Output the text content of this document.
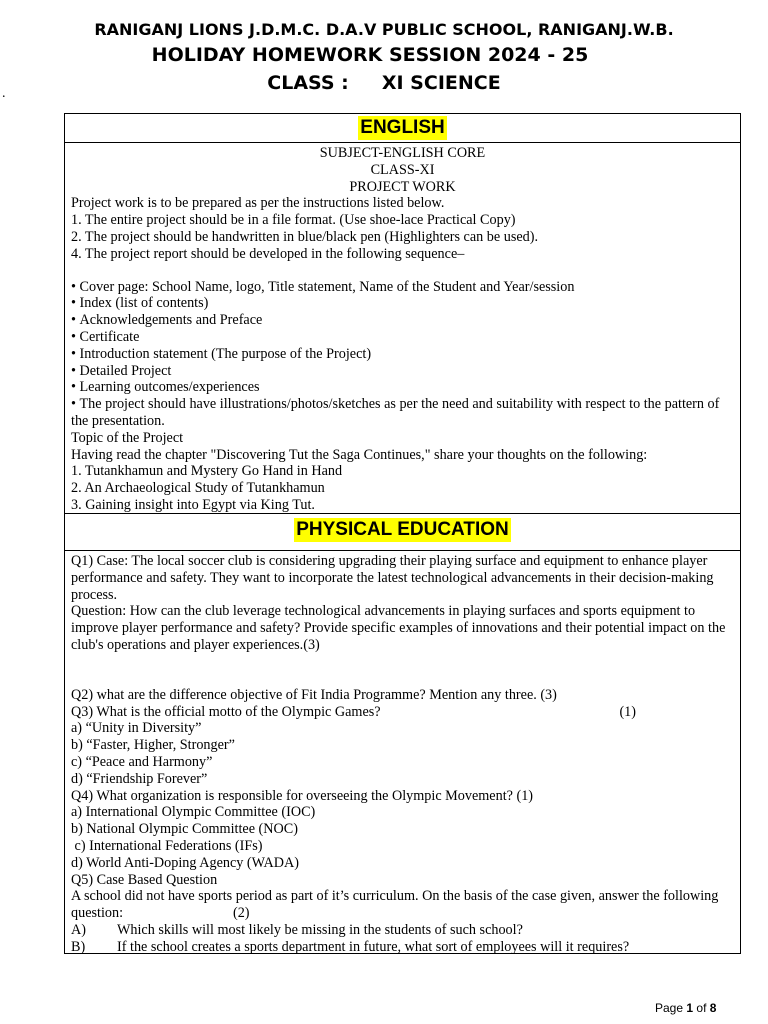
RANIGANJ LIONS J.D.M.C. D.A.V PUBLIC SCHOOL, RANIGANJ.W.B.
HOLIDAY HOMEWORK SESSION 2024 - 25
CLASS :     XI SCIENCE
.
ENGLISH

SUBJECT-ENGLISH CORE
CLASS-XI
PROJECT WORK
Project work is to be prepared as per the instructions listed below.
1. The entire project should be in a file format. (Use shoe-lace Practical Copy)
2. The project should be handwritten in blue/black pen (Highlighters can be used).
4. The project report should be developed in the following sequence–
• Cover page: School Name, logo, Title statement, Name of the Student and Year/session
• Index (list of contents)
• Acknowledgements and Preface
• Certificate
• Introduction statement (The purpose of the Project)
• Detailed Project
• Learning outcomes/experiences
• The project should have illustrations/photos/sketches as per the need and suitability with respect to the pattern of the presentation.
Topic of the Project
Having read the chapter "Discovering Tut the Saga Continues," share your thoughts on the following:
1. Tutankhamun and Mystery Go Hand in Hand
2. An Archaeological Study of Tutankhamun
3. Gaining insight into Egypt via King Tut.

PHYSICAL EDUCATION

Q1) Case: The local soccer club is considering upgrading their playing surface and equipment to enhance player performance and safety. They want to incorporate the latest technological advancements in their decision-making process.
Question: How can the club leverage technological advancements in playing surfaces and sports equipment to improve player performance and safety? Provide specific examples of innovations and their potential impact on the club's operations and player experiences.(3)
Q2) what are the difference objective of Fit India Programme? Mention any three. (3)
Q3) What is the official motto of the Olympic Games?	(1)
a) “Unity in Diversity”
b) “Faster, Higher, Stronger”
c) “Peace and Harmony”
d) “Friendship Forever”
Q4) What organization is responsible for overseeing the Olympic Movement? (1)
a) International Olympic Committee (IOC)
b) National Olympic Committee (NOC)
c) International Federations (IFs)
d) World Anti-Doping Agency (WADA)
Q5) Case Based Question
A school did not have sports period as part of it’s curriculum. On the basis of the case given, answer the following question:                               (2)
A)	Which skills will most likely be missing in the students of such school?
B)	If the school creates a sports department in future, what sort of employees will it requires?
Page 1 of 8
